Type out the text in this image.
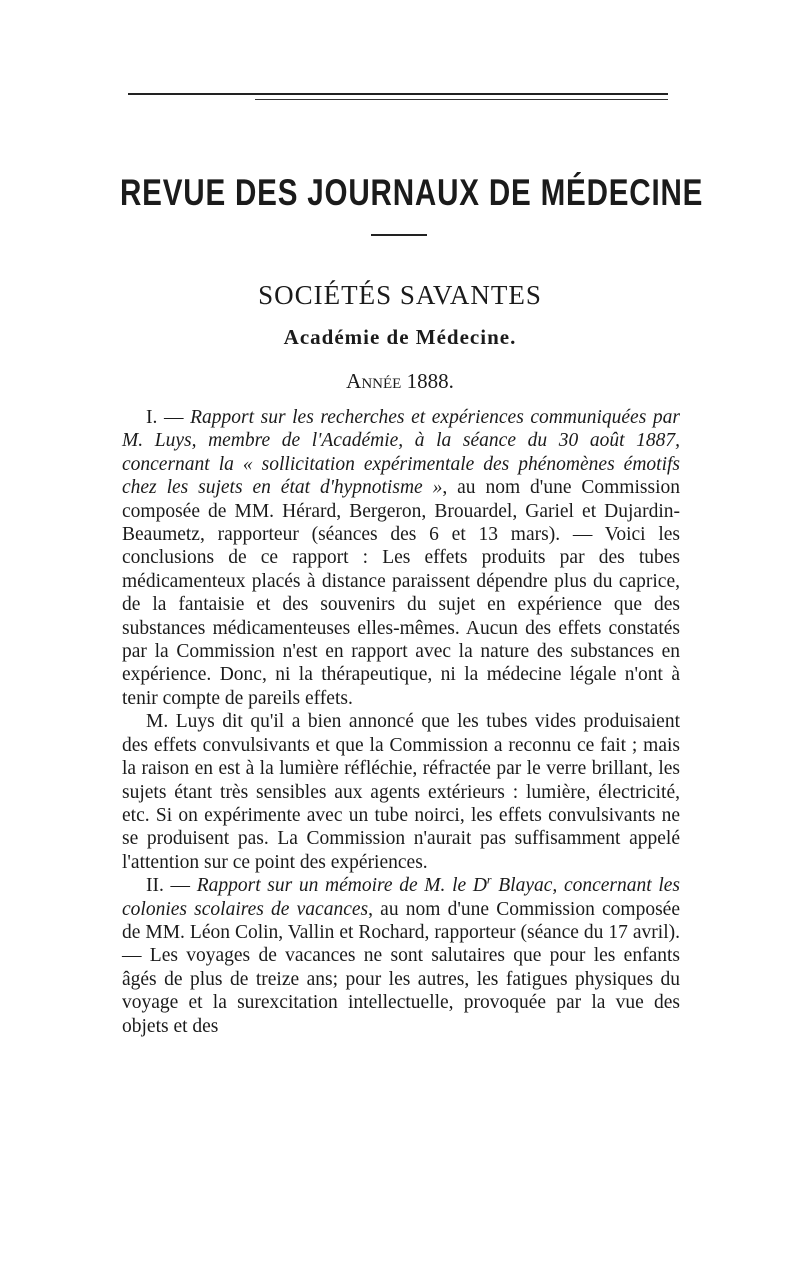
REVUE DES JOURNAUX DE MÉDECINE
SOCIÉTÉS SAVANTES
Académie de Médecine.
ANNÉE 1888.

I. — Rapport sur les recherches et expériences communiquées par M. Luys, membre de l'Académie, à la séance du 30 août 1887, concernant la « sollicitation expérimentale des phénomènes émotifs chez les sujets en état d'hypnotisme », au nom d'une Commission composée de MM. Hérard, Bergeron, Brouardel, Gariel et Dujardin-Beaumetz, rapporteur (séances des 6 et 13 mars). — Voici les conclusions de ce rapport : Les effets produits par des tubes médicamenteux placés à distance paraissent dépendre plus du caprice, de la fantaisie et des souvenirs du sujet en expérience que des substances médicamenteuses elles-mêmes. Aucun des effets constatés par la Commission n'est en rapport avec la nature des substances en expérience. Donc, ni la thérapeutique, ni la médecine légale n'ont à tenir compte de pareils effets.

M. Luys dit qu'il a bien annoncé que les tubes vides produisaient des effets convulsivants et que la Commission a reconnu ce fait ; mais la raison en est à la lumière réfléchie, réfractée par le verre brillant, les sujets étant très sensibles aux agents extérieurs : lumière, électricité, etc. Si on expérimente avec un tube noirci, les effets convulsivants ne se produisent pas. La Commission n'aurait pas suffisamment appelé l'attention sur ce point des expériences.

II. — Rapport sur un mémoire de M. le $D^r$ Blayac, concernant les colonies scolaires de vacances, au nom d'une Commission composée de MM. Léon Colin, Vallin et Rochard, rapporteur (séance du 17 avril). — Les voyages de vacances ne sont salutaires que pour les enfants âgés de plus de treize ans; pour les autres, les fatigues physiques du voyage et la surexcitation intellectuelle, provoquée par la vue des objets et des
